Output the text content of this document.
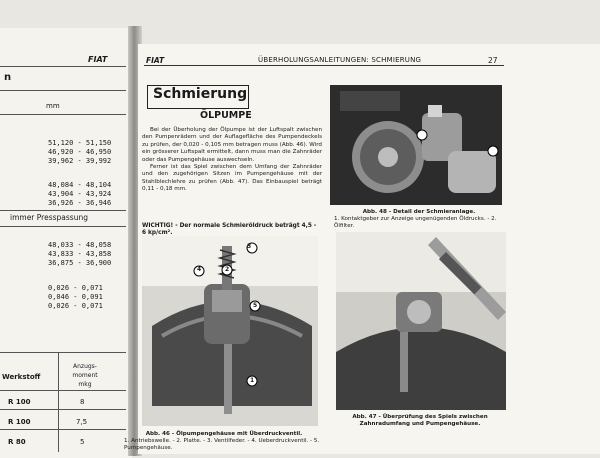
FIAT
n
mm
51,120 - 51,150
46,920 - 46,950
39,962 - 39,992
48,084 - 48,104
43,904 - 43,924
36,926 - 36,946
immer Presspassung
48,033 - 48,058
43,833 - 43,858
36,875 - 36,900
0,026 - 0,071
0,046 - 0,091
0,026 - 0,071
Werkstoff
Anzugs-moment mkg
R 100	8
R 100	7,5
R 80	5
FIAT	ÜBERHOLUNGSANLEITUNGEN: SCHMIERUNG	27
Schmierung
ÖLPUMPE

Bei der Überholung der Ölpumpe ist der Luftspalt zwischen den Pumpenrädern und der Auflagefläche des Pumpendeckels zu prüfen, der 0,020 - 0,105 mm betragen muss (Abb. 46). Wird ein grösserer Luftspalt ermittelt, dann muss man die Zahnräder oder das Pumpengehäuse auswechseln.

Ferner ist das Spiel zwischen dem Umfang der Zahnräder und den zugehörigen Sitzen im Pumpengehäuse mit der Stahlblechlehre zu prüfen (Abb. 47). Das Einbauspiel beträgt 0,11 - 0,18 mm.

WICHTIG! - Der normale Schmieröldruck beträgt 4,5 - 6 kp/cm².
Abb. 48 - Detail der Schmieranlage.
1. Kontaktgeber zur Anzeige ungenügenden Öldrucks. - 2. Ölfilter.
3
4	2
5
1
Abb. 46 - Ölpumpengehäuse mit Überdruckventil.
1. Antriebswelle. - 2. Platte. - 3. Ventilfeder. - 4. Ueberdruckventil. - 5. Pumpengehäuse.
Abb. 47 - Überprüfung des Spiels zwischen Zahnradumfang und Pumpengehäuse.
